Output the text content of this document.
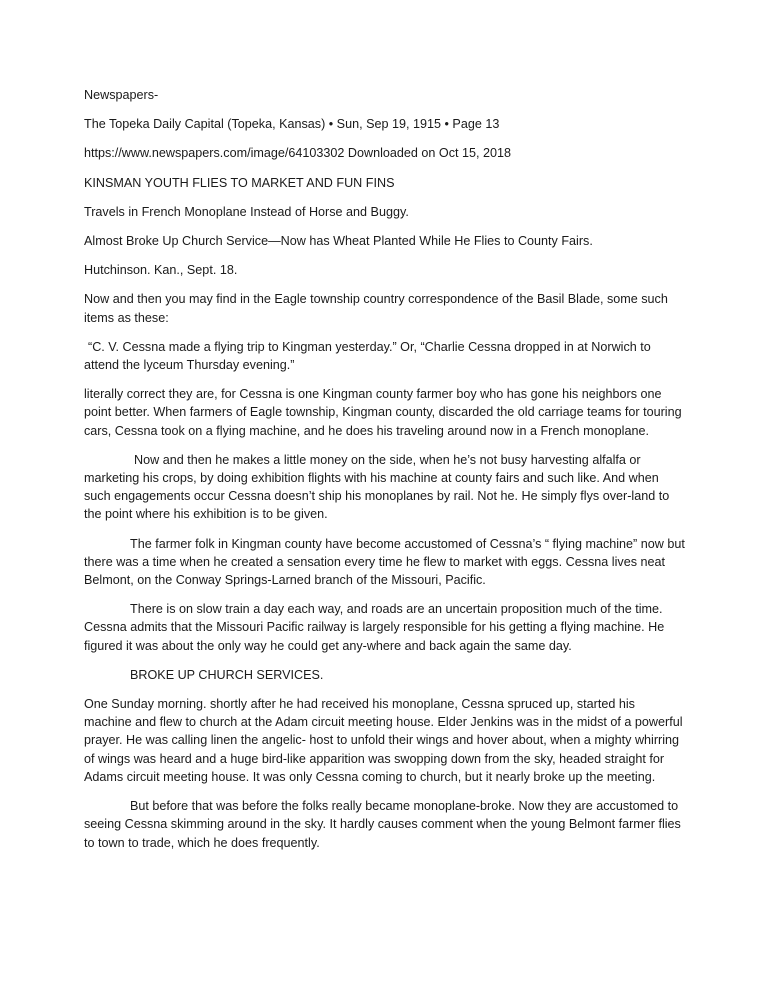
Newspapers-

The Topeka Daily Capital (Topeka, Kansas) • Sun, Sep 19, 1915 • Page 13

https://www.newspapers.com/image/64103302 Downloaded on Oct 15, 2018

KINSMAN YOUTH FLIES TO MARKET AND FUN FINS

Travels in French Monoplane Instead of Horse and Buggy.

Almost Broke Up Church Service—Now has Wheat Planted While He Flies to County Fairs.

Hutchinson. Kan., Sept. 18.

Now and then you may find in the Eagle township country correspondence of the Basil Blade, some such items as these:

“C. V. Cessna made a flying trip to Kingman yesterday.” Or, “Charlie Cessna dropped in at Norwich to attend the lyceum Thursday evening.”

literally correct they are, for Cessna is one Kingman county farmer boy who has gone his neighbors one point better. When farmers of Eagle township, Kingman county, discarded the old carriage teams for touring cars, Cessna took on a flying machine, and he does his traveling around now in a French monoplane.

Now and then he makes a little money on the side, when he’s not busy harvesting alfalfa or marketing his crops, by doing exhibition flights with his machine at county fairs and such like. And when such engagements occur Cessna doesn’t ship his monoplanes by rail. Not he. He simply flys over-land to the point where his exhibition is to be given.

The farmer folk in Kingman county have become accustomed of Cessna’s “ flying machine” now but there was a time when he created a sensation every time he flew to market with eggs. Cessna lives neat Belmont, on the Conway Springs-Larned branch of the Missouri, Pacific.

There is on slow train a day each way, and roads are an uncertain proposition much of the time. Cessna admits that the Missouri Pacific railway is largely responsible for his getting a flying machine. He figured it was about the only way he could get any-where and back again the same day.

BROKE UP CHURCH SERVICES.

One Sunday morning. shortly after he had received his monoplane, Cessna spruced up, started his machine and flew to church at the Adam circuit meeting house. Elder Jenkins was in the midst of a powerful prayer. He was calling linen the angelic- host to unfold their wings and hover about, when a mighty whirring of wings was heard and a huge bird-like apparition was swopping down from the sky, headed straight for Adams circuit meeting house. It was only Cessna coming to church, but it nearly broke up the meeting.

But before that was before the folks really became monoplane-broke. Now they are accustomed to seeing Cessna skimming around in the sky. It hardly causes comment when the young Belmont farmer flies to town to trade, which he does frequently.
